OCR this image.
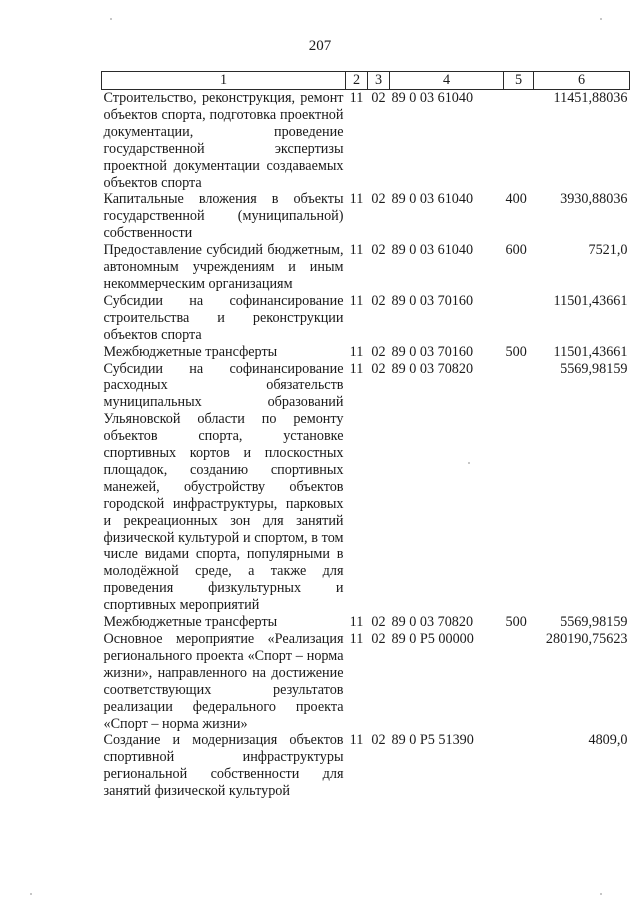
207
1	2	3	4	5	6
Строительство, реконструкция, ремонт объектов спорта, подготовка проектной документации, проведение государственной экспертизы проектной документации создаваемых объектов спорта	11	02	89 0 03 61040		11451,88036
Капитальные вложения в объекты государственной (муниципальной) собственности	11	02	89 0 03 61040	400	3930,88036
Предоставление субсидий бюджетным, автономным учреждениям и иным некоммерческим организациям	11	02	89 0 03 61040	600	7521,0
Субсидии на софинансирование строительства и реконструкции объектов спорта	11	02	89 0 03 70160		11501,43661
Межбюджетные трансферты	11	02	89 0 03 70160	500	11501,43661
Субсидии на софинансирование расходных обязательств муниципальных образований Ульяновской области по ремонту объектов спорта, установке спортивных кортов и плоскостных площадок, созданию спортивных манежей, обустройству объектов городской инфраструктуры, парковых и рекреационных зон для занятий физической культурой и спортом, в том числе видами спорта, популярными в молодёжной среде, а также для проведения физкультурных и спортивных мероприятий	11	02	89 0 03 70820		5569,98159
Межбюджетные трансферты	11	02	89 0 03 70820	500	5569,98159
Основное мероприятие «Реализация регионального проекта «Спорт – норма жизни», направленного на достижение соответствующих результатов реализации федерального проекта «Спорт – норма жизни»	11	02	89 0 P5 00000		280190,75623
Создание и модернизация объектов спортивной инфраструктуры региональной собственности для занятий физической культурой	11	02	89 0 P5 51390		4809,0
